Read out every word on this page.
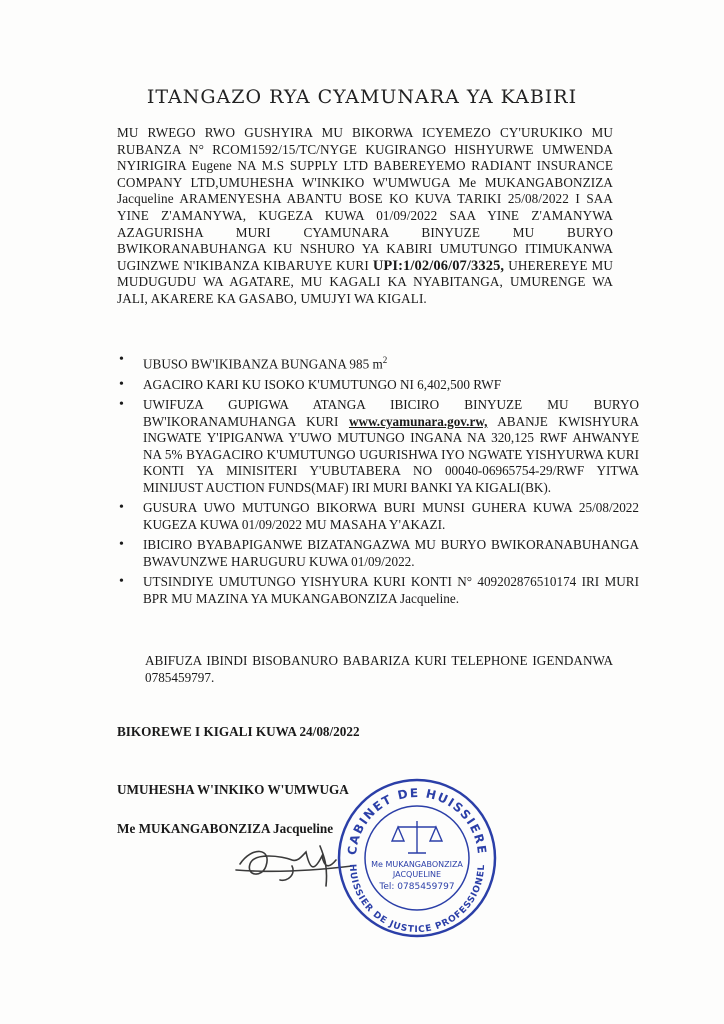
ITANGAZO RYA CYAMUNARA YA KABIRI
MU RWEGO RWO GUSHYIRA MU BIKORWA ICYEMEZO CY'URUKIKO MU RUBANZA N° RCOM1592/15/TC/NYGE KUGIRANGO HISHYURWE UMWENDA NYIRIGIRA Eugene NA M.S SUPPLY LTD BABEREYEMO RADIANT INSURANCE COMPANY LTD,UMUHESHA W'INKIKO W'UMWUGA Me MUKANGABONZIZA Jacqueline ARAMENYESHA ABANTU BOSE KO KUVA TARIKI 25/08/2022 I SAA YINE Z'AMANYWA, KUGEZA KUWA 01/09/2022 SAA YINE Z'AMANYWA AZAGURISHA MURI CYAMUNARA BINYUZE MU BURYO BWIKORANABUHANGA KU NSHURO YA KABIRI UMUTUNGO ITIMUKANWA UGINZWE N'IKIBANZA KIBARUYE KURI UPI:1/02/06/07/3325, UHEREREYE MU MUDUGUDU WA AGATARE, MU KAGALI KA NYABITANGA, UMURENGE WA JALI, AKARERE KA GASABO, UMUJYI WA KIGALI.
• UBUSO BW'IKIBANZA BUNGANA 985 $m^2$
• AGACIRO KARI KU ISOKO K'UMUTUNGO NI 6,402,500 RWF
• UWIFUZA GUPIGWA ATANGA IBICIRO BINYUZE MU BURYO BW'IKORANAMUHANGA KURI www.cyamunara.gov.rw, ABANJE KWISHYURA INGWATE Y'IPIGANWA Y'UWO MUTUNGO INGANA NA 320,125 RWF AHWANYE NA 5% BYAGACIRO K'UMUTUNGO UGURISHWA IYO NGWATE YISHYURWA KURI KONTI YA MINISITERI Y'UBUTABERA NO 00040-06965754-29/RWF YITWA MINIJUST AUCTION FUNDS(MAF) IRI MURI BANKI YA KIGALI(BK).
• GUSURA UWO MUTUNGO BIKORWA BURI MUNSI GUHERA KUWA 25/08/2022 KUGEZA KUWA 01/09/2022 MU MASAHA Y'AKAZI.
• IBICIRO BYABAPIGANWE BIZATANGAZWA MU BURYO BWIKORANABUHANGA BWAVUNZWE HARUGURU KUWA 01/09/2022.
• UTSINDIYE UMUTUNGO YISHYURA KURI KONTI N° 409202876510174 IRI MURI BPR MU MAZINA YA MUKANGABONZIZA Jacqueline.
ABIFUZA IBINDI BISOBANURO BABARIZA KURI TELEPHONE IGENDANWA 0785459797.
BIKOREWE I KIGALI KUWA 24/08/2022
UMUHESHA W'INKIKO W'UMWUGA
Me MUKANGABONZIZA Jacqueline
CABINET DE HUISSIERE
HUISSIER DE JUSTICE PROFESSIONEL
Me MUKANGABONZIZA
JACQUELINE
Tel: 0785459797
